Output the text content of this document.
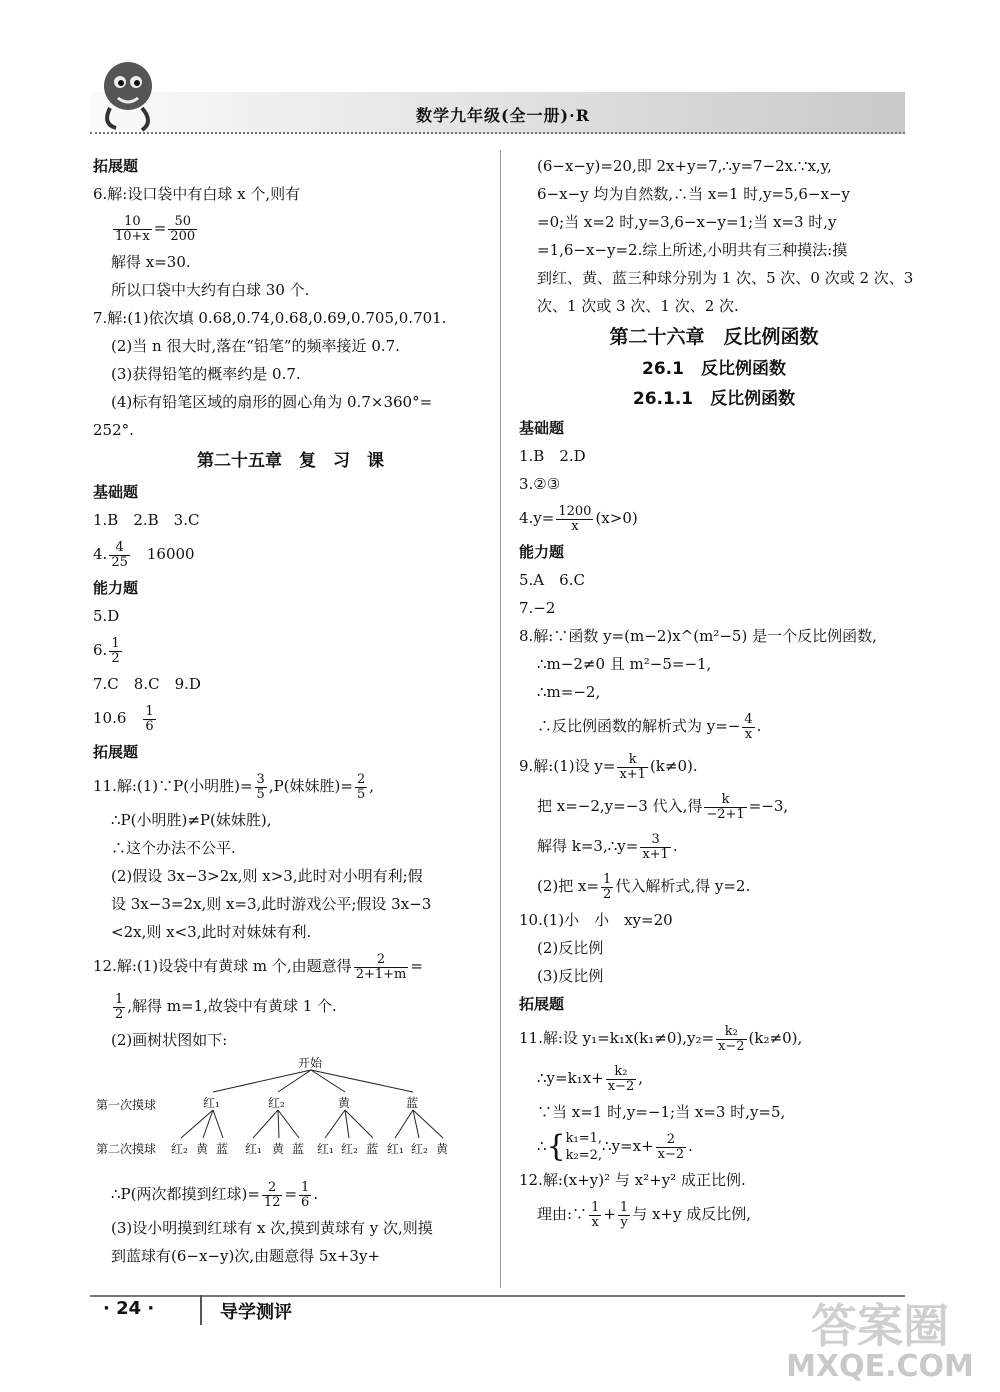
数学九年级(全一册)·R
拓展题
6.解:设口袋中有白球 x 个,则有
$\frac{10}{10+x} = \frac{50}{200}$
解得 x=30.
所以口袋中大约有白球 30 个.
7.解:(1)依次填 0.68,0.74,0.68,0.69,0.705,0.701.
(2)当 n 很大时,落在“铅笔”的频率接近 0.7.
(3)获得铅笔的概率约是 0.7.
(4)标有铅笔区域的扇形的圆心角为 0.7×360°=
252°.
第二十五章　复　习　课
基础题
1.B　2.B　3.C
4. $\frac{4}{25}$ 　16000
能力题
5.D
6. $\frac{1}{2}$
7.C　8.C　9.D
10.6　 $\frac{1}{6}$
拓展题
11.解:(1)∵P(小明胜)= $\frac{3}{5} ,P$(妹妹胜)= $\frac{2}{5}$ ,
∴P(小明胜)≠P(妹妹胜),
∴这个办法不公平.
(2)假设 3x−3>2x,则 x>3,此时对小明有利;假
设 3x−3=2x,则 x=3,此时游戏公平;假设 3x−3
<2x,则 x<3,此时对妹妹有利.
12.解:(1)设袋中有黄球 m 个,由题意得 $\frac{2}{2+1+m}$ =
$\frac{1}{2}$ ,解得 m=1,故袋中有黄球 1 个.
(2)画树状图如下:
开始
第一次摸球
第二次摸球
红₁	红₂	黄	蓝
红₂ 黄 蓝 红₁ 黄 蓝 红₁ 红₂ 蓝 红₁ 红₂ 黄
∴P(两次都摸到红球)= $\frac{2}{12} = \frac{1}{6}$ .
(3)设小明摸到红球有 x 次,摸到黄球有 y 次,则摸
到蓝球有(6−x−y)次,由题意得 5x+3y+
(6−x−y)=20,即 2x+y=7,∴y=7−2x.∵x,y,
6−x−y 均为自然数,∴当 x=1 时,y=5,6−x−y
=0;当 x=2 时,y=3,6−x−y=1;当 x=3 时,y
=1,6−x−y=2.综上所述,小明共有三种摸法:摸
到红、黄、蓝三种球分别为 1 次、5 次、0 次或 2 次、3
次、1 次或 3 次、1 次、2 次.
第二十六章　反比例函数
26.1　反比例函数
26.1.1　反比例函数
基础题
1.B　2.D
3.②③
$4.y= \frac{1200}{x} (x>0)$
能力题
5.A　6.C
7.−2
8.解:∵函数 y=(m−2)x^(m²−5) 是一个反比例函数,
∴m−2≠0 且 m²−5=−1,
∴m=−2,
∴反比例函数的解析式为 $y=- \frac{4}{x}$ .
9.解:(1)设 $y= \frac{k}{x+1} (k\ne 0)$.
把 x=−2,y=−3 代入,得 $\frac{k}{-2+1} =-3$,
解得 k=3,∴y= $\frac{3}{x+1}$ .
(2)把 $x= \frac{1}{2}$ 代入解析式,得 y=2.
10.(1)小　小　xy=20
(2)反比例
(3)反比例
拓展题
11.解:设 $y_1=k_1x(k_1\ne 0),y_2= \frac{\text{k₂}}{x-2} (k_2\ne 0)$,
∴y=k₁x+ $\frac{\text{k₂}}{x-2}$ ,
∵当 x=1 时,y=−1;当 x=3 时,y=5,
∴{ k₁=1,
k₂=2,
∴y=x+ $\frac{2}{x-2}$ .
12.解:(x+y)² 与 x²+y² 成正比例.
理由:∵ $\frac{1}{x} + \frac{1}{y}$ 与 x+y 成反比例,
· 24 ·	导学测评	答案圈
MXQE.COM
